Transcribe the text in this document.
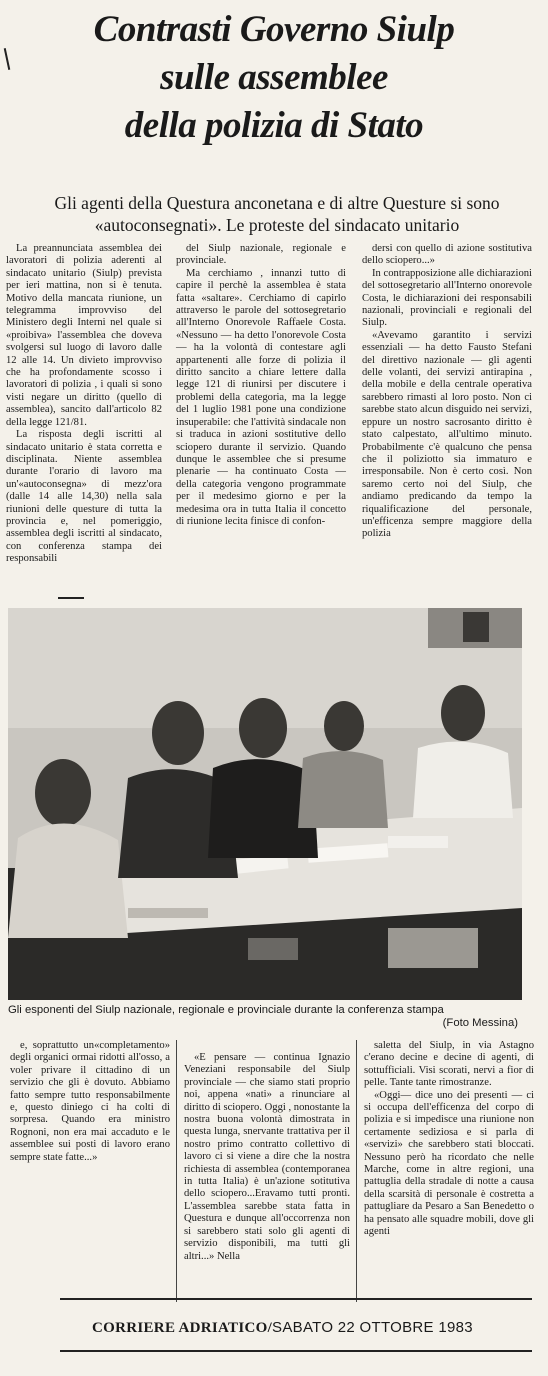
Contrasti Governo Siulp
sulle assemblee
della polizia di Stato

Gli agenti della Questura anconetana e di altre Questure si sono «autoconsegnati». Le proteste del sindacato unitario

La preannunciata assemblea dei lavoratori di polizia aderenti al sindacato unitario (Siulp) prevista per ieri mattina, non si è tenuta. Motivo della mancata riunione, un telegramma improvviso del Ministero degli Interni nel quale si «proibiva» l'assemblea che doveva svolgersi sul luogo di lavoro dalle 12 alle 14. Un divieto improvviso che ha profondamente scosso i lavoratori di polizia , i quali si sono visti negare un diritto (quello di assemblea), sancito dall'articolo 82 della legge 121/81.

La risposta degli iscritti al sindacato unitario è stata corretta e disciplinata. Niente assemblea durante l'orario di lavoro ma un'«autoconsegna» di mezz'ora (dalle 14 alle 14,30) nella sala riunioni delle questure di tutta la provincia e, nel pomeriggio, assemblea degli iscritti al sindacato, con conferenza stampa dei responsabili

del Siulp nazionale, regionale e provinciale.

Ma cerchiamo , innanzi tutto di capire il perchè la assemblea è stata fatta «saltare». Cerchiamo di capirlo attraverso le parole del sottosegretario all'Interno Onorevole Raffaele Costa. «Nessuno — ha detto l'onorevole Costa — ha la volontà di contestare agli appartenenti alle forze di polizia il diritto sancito a chiare lettere dalla legge 121 di riunirsi per discutere i problemi della categoria, ma la legge del 1 luglio 1981 pone una condizione insuperabile: che l'attività sindacale non si traduca in azioni sostitutive dello sciopero durante il servizio. Quando dunque le assemblee che si presume plenarie — ha continuato Costa — della categoria vengono programmate per il medesimo giorno e per la medesima ora in tutta Italia il concetto di riunione lecita finisce di confon-

dersi con quello di azione sostitutiva dello sciopero...»

In contrapposizione alle dichiarazioni del sottosegretario all'Interno onorevole Costa, le dichiarazioni dei responsabili nazionali, provinciali e regionali del Siulp.

«Avevamo garantito i servizi essenziali — ha detto Fausto Stefani del direttivo nazionale — gli agenti delle volanti, dei servizi antirapina , della mobile e della centrale operativa sarebbero rimasti al loro posto. Non ci sarebbe stato alcun disguido nei servizi, eppure un nostro sacrosanto diritto è stato calpestato, all'ultimo minuto. Probabilmente c'è qualcuno che pensa che il poliziotto sia immaturo e irresponsabile. Non è certo così. Non saremo certo noi del Siulp, che andiamo predicando da tempo la riqualificazione del personale, un'efficenza sempre maggiore della polizia

Gli esponenti del Siulp nazionale, regionale e provinciale durante la conferenza stampa
(Foto Messina)

e, soprattutto un«completamento» degli organici ormai ridotti all'osso, a voler privare il cittadino di un servizio che gli è dovuto. Abbiamo fatto sempre tutto responsabilmente e, questo diniego ci ha colti di sorpresa. Quando era ministro Rognoni, non era mai accaduto e le assemblee sui posti di lavoro erano sempre state fatte...»

«E pensare — continua Ignazio Veneziani responsabile del Siulp provinciale — che siamo stati proprio noi, appena «nati» a rinunciare al diritto di sciopero. Oggi , nonostante la nostra buona volontà dimostrata in questa lunga, snervante trattativa per il nostro primo contratto collettivo di lavoro ci si viene a dire che la nostra richiesta di assemblea (contemporanea in tutta Italia) è un'azione sotitutiva dello sciopero...Eravamo tutti pronti. L'assemblea sarebbe stata fatta in Questura e dunque all'occorrenza non si sarebbero stati solo gli agenti di servizio disponibili, ma tutti gli altri...» Nella

saletta del Siulp, in via Astagno c'erano decine e decine di agenti, di sottufficiali. Visi scorati, nervi a fior di pelle. Tante tante rimostranze.

«Oggi— dice uno dei presenti — ci si occupa dell'efficenza del corpo di polizia e si impedisce una riunione non certamente sediziosa e si parla di «servizi» che sarebbero stati bloccati. Nessuno però ha ricordato che nelle Marche, come in altre regioni, una pattuglia della stradale di notte a causa della scarsità di personale è costretta a pattugliare da Pesaro a San Benedetto o ha pensato alle squadre mobili, dove gli agenti

CORRIERE ADRIATICO/SABATO 22 OTTOBRE 1983
